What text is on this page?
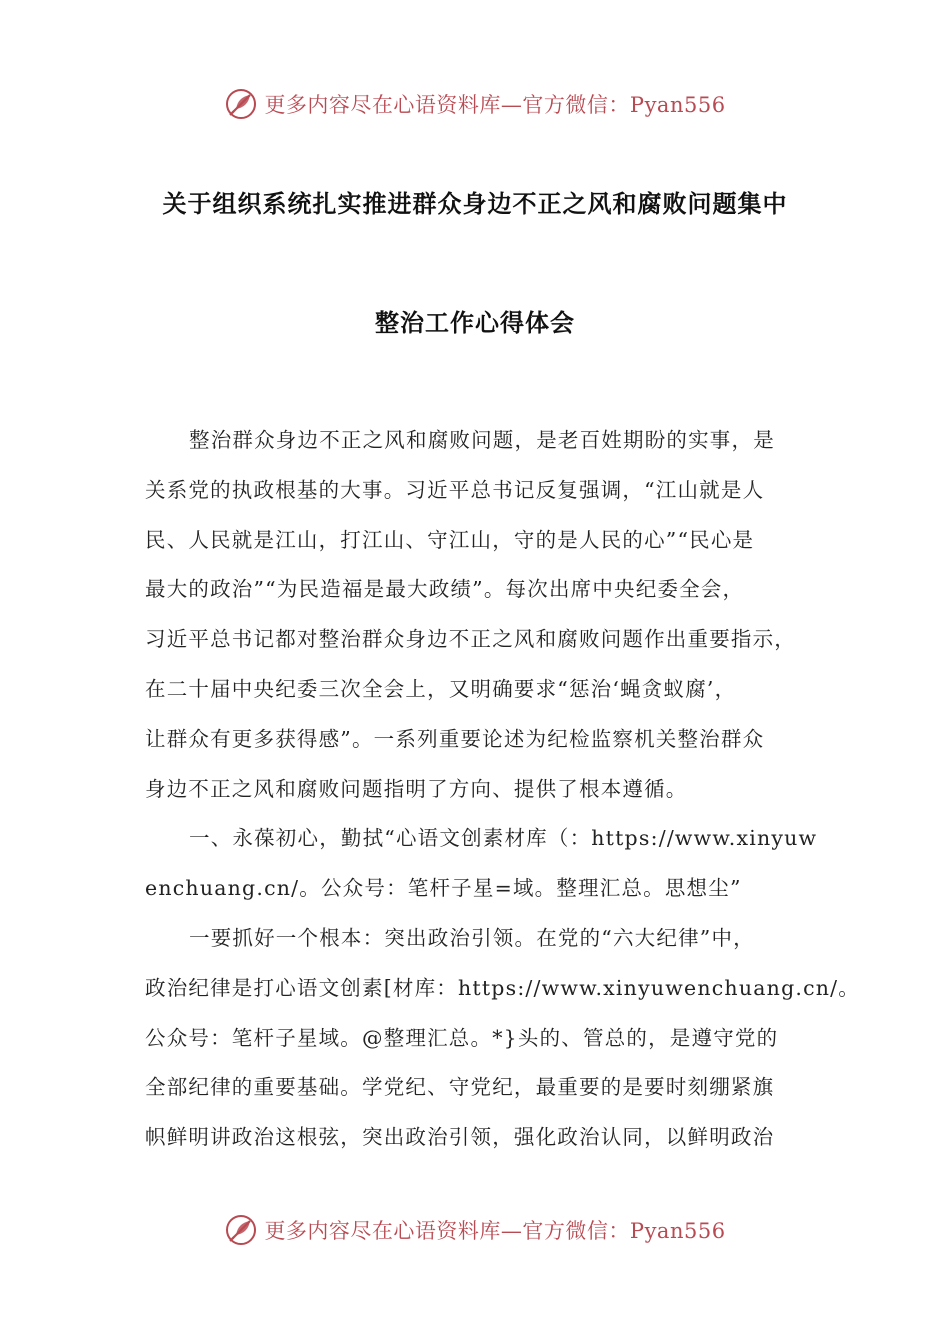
更多内容尽在心语资料库—官方微信：Pyan556
关于组织系统扎实推进群众身边不正之风和腐败问题集中
整治工作心得体会
整治群众身边不正之风和腐败问题，是老百姓期盼的实事，是
关系党的执政根基的大事。习近平总书记反复强调，“江山就是人
民、人民就是江山，打江山、守江山，守的是人民的心”“民心是
最大的政治”“为民造福是最大政绩”。每次出席中央纪委全会，
习近平总书记都对整治群众身边不正之风和腐败问题作出重要指示，
在二十届中央纪委三次全会上，又明确要求“惩治‘蝇贪蚁腐’，
让群众有更多获得感”。一系列重要论述为纪检监察机关整治群众
身边不正之风和腐败问题指明了方向、提供了根本遵循。
一、永葆初心，勤拭“心语文创素材库（：https://www.xinyuw
enchuang.cn/。公众号：笔杆子星=域。整理汇总。思想尘”
一要抓好一个根本：突出政治引领。在党的“六大纪律”中，
政治纪律是打心语文创素[材库：https://www.xinyuwenchuang.cn/。
公众号：笔杆子星域。@整理汇总。*}头的、管总的，是遵守党的
全部纪律的重要基础。学党纪、守党纪，最重要的是要时刻绷紧旗
帜鲜明讲政治这根弦，突出政治引领，强化政治认同，以鲜明政治
更多内容尽在心语资料库—官方微信：Pyan556
